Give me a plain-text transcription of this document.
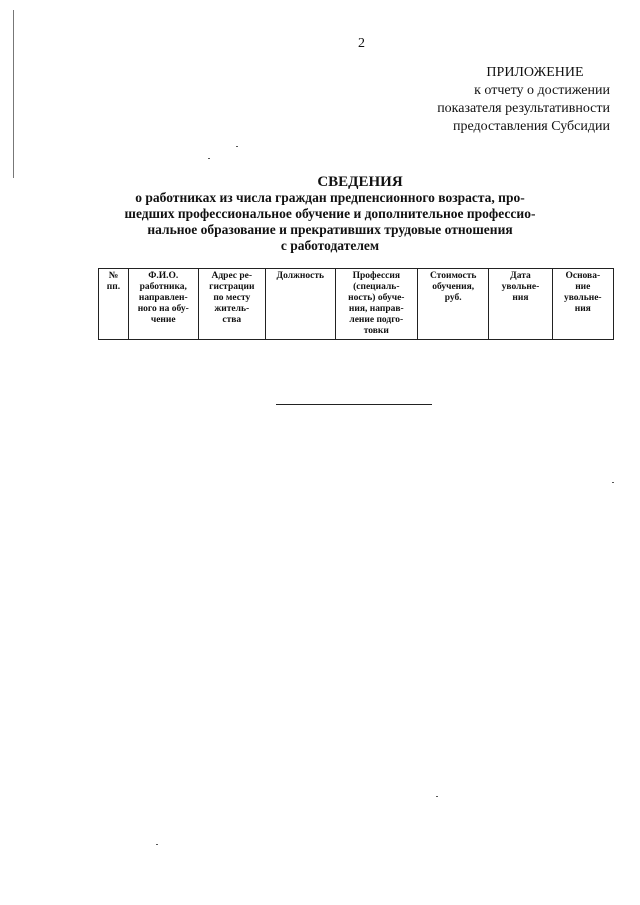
2
ПРИЛОЖЕНИЕ
к отчету о достижении
показателя результативности
предоставления Субсидии
СВЕДЕНИЯ
о работниках из числа граждан предпенсионного возраста, про-
шедших профессиональное обучение и дополнительное профессио-
нальное образование и прекративших трудовые отношения
с работодателем
№
пп.	Ф.И.О.
работника,
направлен-
ного на обу-
чение	Адрес ре-
гистрации
по месту
житель-
ства	Должность	Профессия
(специаль-
ность) обуче-
ния, направ-
ление подго-
товки	Стоимость
обучения,
руб.	Дата
увольне-
ния	Основа-
ние
увольне-
ния
